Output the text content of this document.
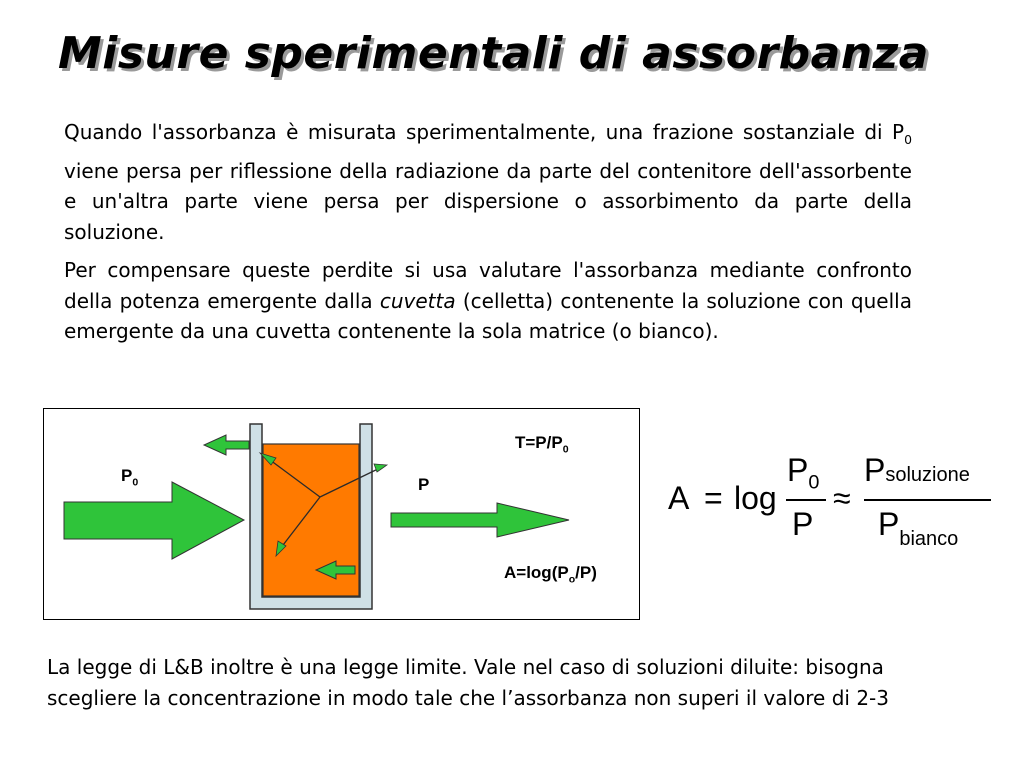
Misure sperimentali di assorbanza

Quando l'assorbanza è misurata sperimentalmente, una frazione sostanziale di $P_0$ viene persa per riflessione della radiazione da parte del contenitore dell'assorbente e un'altra parte viene persa per dispersione o assorbimento da parte della soluzione.

Per compensare queste perdite si usa valutare l'assorbanza mediante confronto della potenza emergente dalla cuvetta (celletta) contenente la soluzione con quella emergente da una cuvetta contenente la sola matrice (o bianco).

$P_0$	P
$T=P/P_0$
$A=\log(P_o/P)$
A = log
$P_0$
P
≈
Psoluzione
$P_{bianco}$

La legge di L&B inoltre è una legge limite. Vale nel caso di soluzioni diluite: bisogna scegliere la concentrazione in modo tale che l’assorbanza non superi il valore di 2-3
